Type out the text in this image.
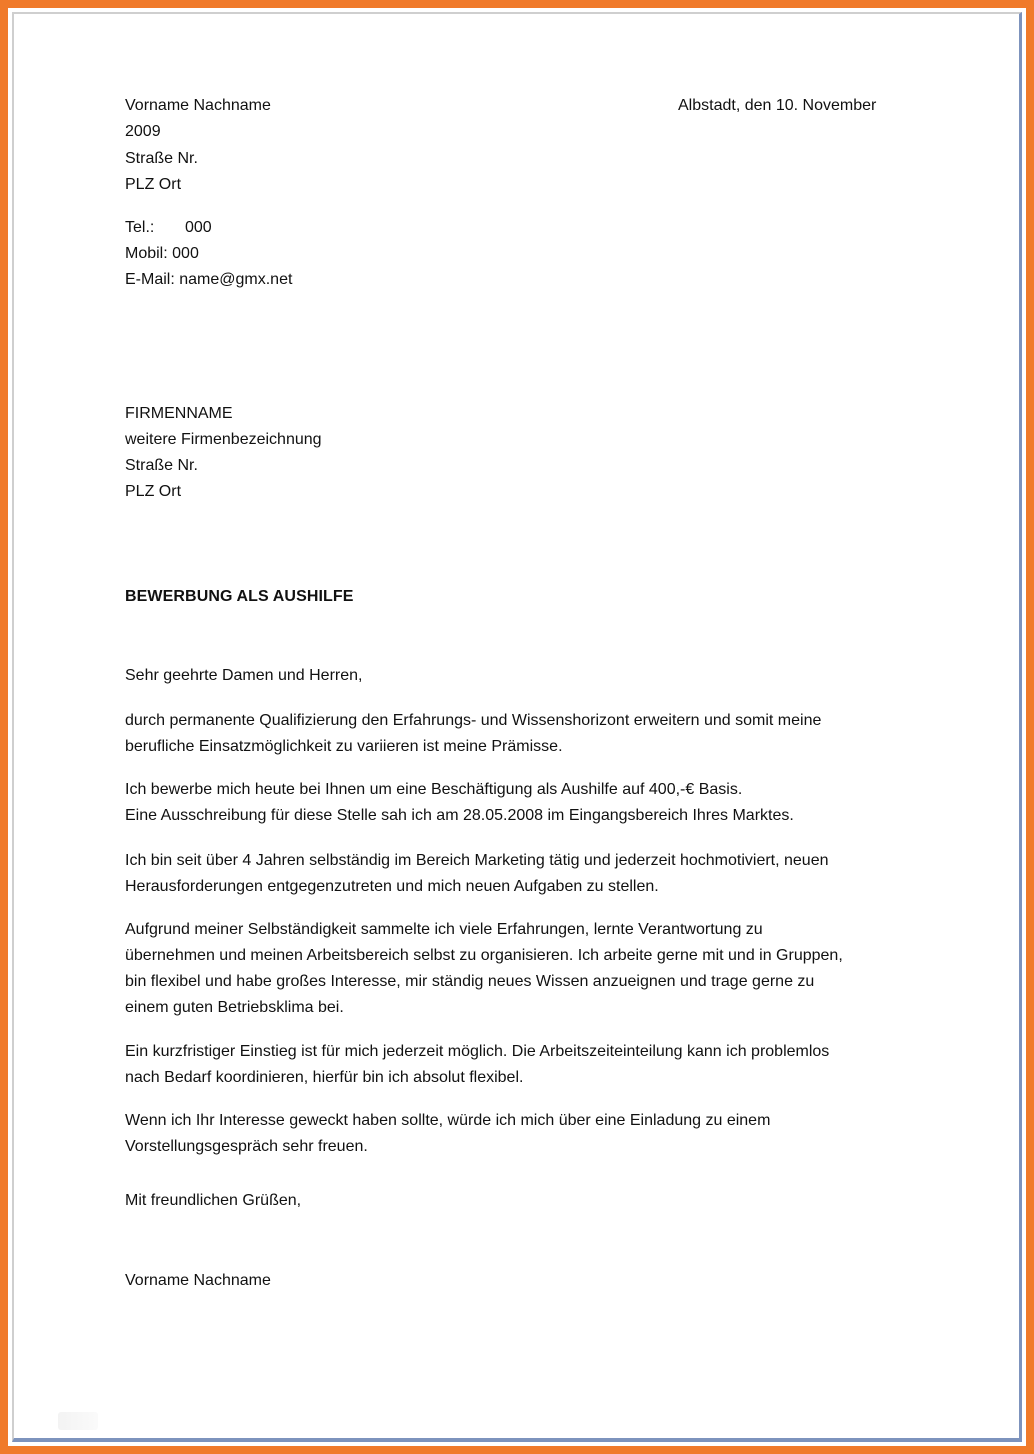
Vorname Nachname	Albstadt, den 10. November
2009
Straße Nr.
PLZ Ort
Tel.: 000
Mobil: 000
E-Mail: name@gmx.net
FIRMENNAME
weitere Firmenbezeichnung
Straße Nr.
PLZ Ort
BEWERBUNG ALS AUSHILFE
Sehr geehrte Damen und Herren,
durch permanente Qualifizierung den Erfahrungs- und Wissenshorizont erweitern und somit meine
berufliche Einsatzmöglichkeit zu variieren ist meine Prämisse.
Ich bewerbe mich heute bei Ihnen um eine Beschäftigung als Aushilfe auf 400,-€ Basis.
Eine Ausschreibung für diese Stelle sah ich am 28.05.2008 im Eingangsbereich Ihres Marktes.
Ich bin seit über 4 Jahren selbständig im Bereich Marketing tätig und jederzeit hochmotiviert, neuen
Herausforderungen entgegenzutreten und mich neuen Aufgaben zu stellen.
Aufgrund meiner Selbständigkeit sammelte ich viele Erfahrungen, lernte Verantwortung zu
übernehmen und meinen Arbeitsbereich selbst zu organisieren. Ich arbeite gerne mit und in Gruppen,
bin flexibel und habe großes Interesse, mir ständig neues Wissen anzueignen und trage gerne zu
einem guten Betriebsklima bei.
Ein kurzfristiger Einstieg ist für mich jederzeit möglich. Die Arbeitszeiteinteilung kann ich problemlos
nach Bedarf koordinieren, hierfür bin ich absolut flexibel.
Wenn ich Ihr Interesse geweckt haben sollte, würde ich mich über eine Einladung zu einem
Vorstellungsgespräch sehr freuen.
Mit freundlichen Grüßen,
Vorname Nachname
